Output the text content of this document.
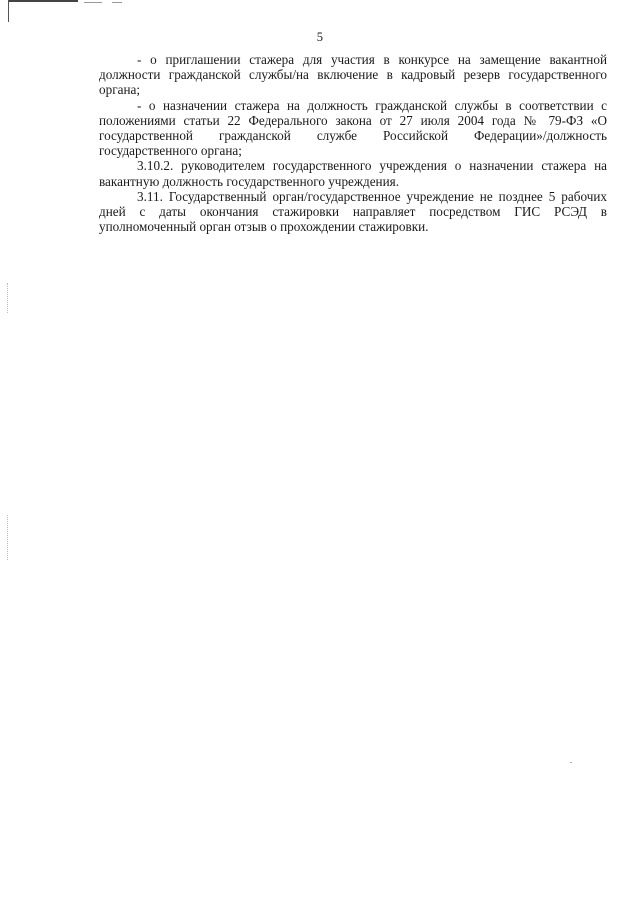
5

- о приглашении стажера для участия в конкурсе на замещение вакантной должности гражданской службы/на включение в кадровый резерв государственного органа;

- о назначении стажера на должность гражданской службы в соответствии с положениями статьи 22 Федерального закона от 27 июля 2004 года № 79-ФЗ «О государственной гражданской службе Российской Федерации»/должность государственного органа;

3.10.2. руководителем государственного учреждения о назначении стажера на вакантную должность государственного учреждения.

3.11. Государственный орган/государственное учреждение не позднее 5 рабочих дней с даты окончания стажировки направляет посредством ГИС РСЭД в уполномоченный орган отзыв о прохождении стажировки.
